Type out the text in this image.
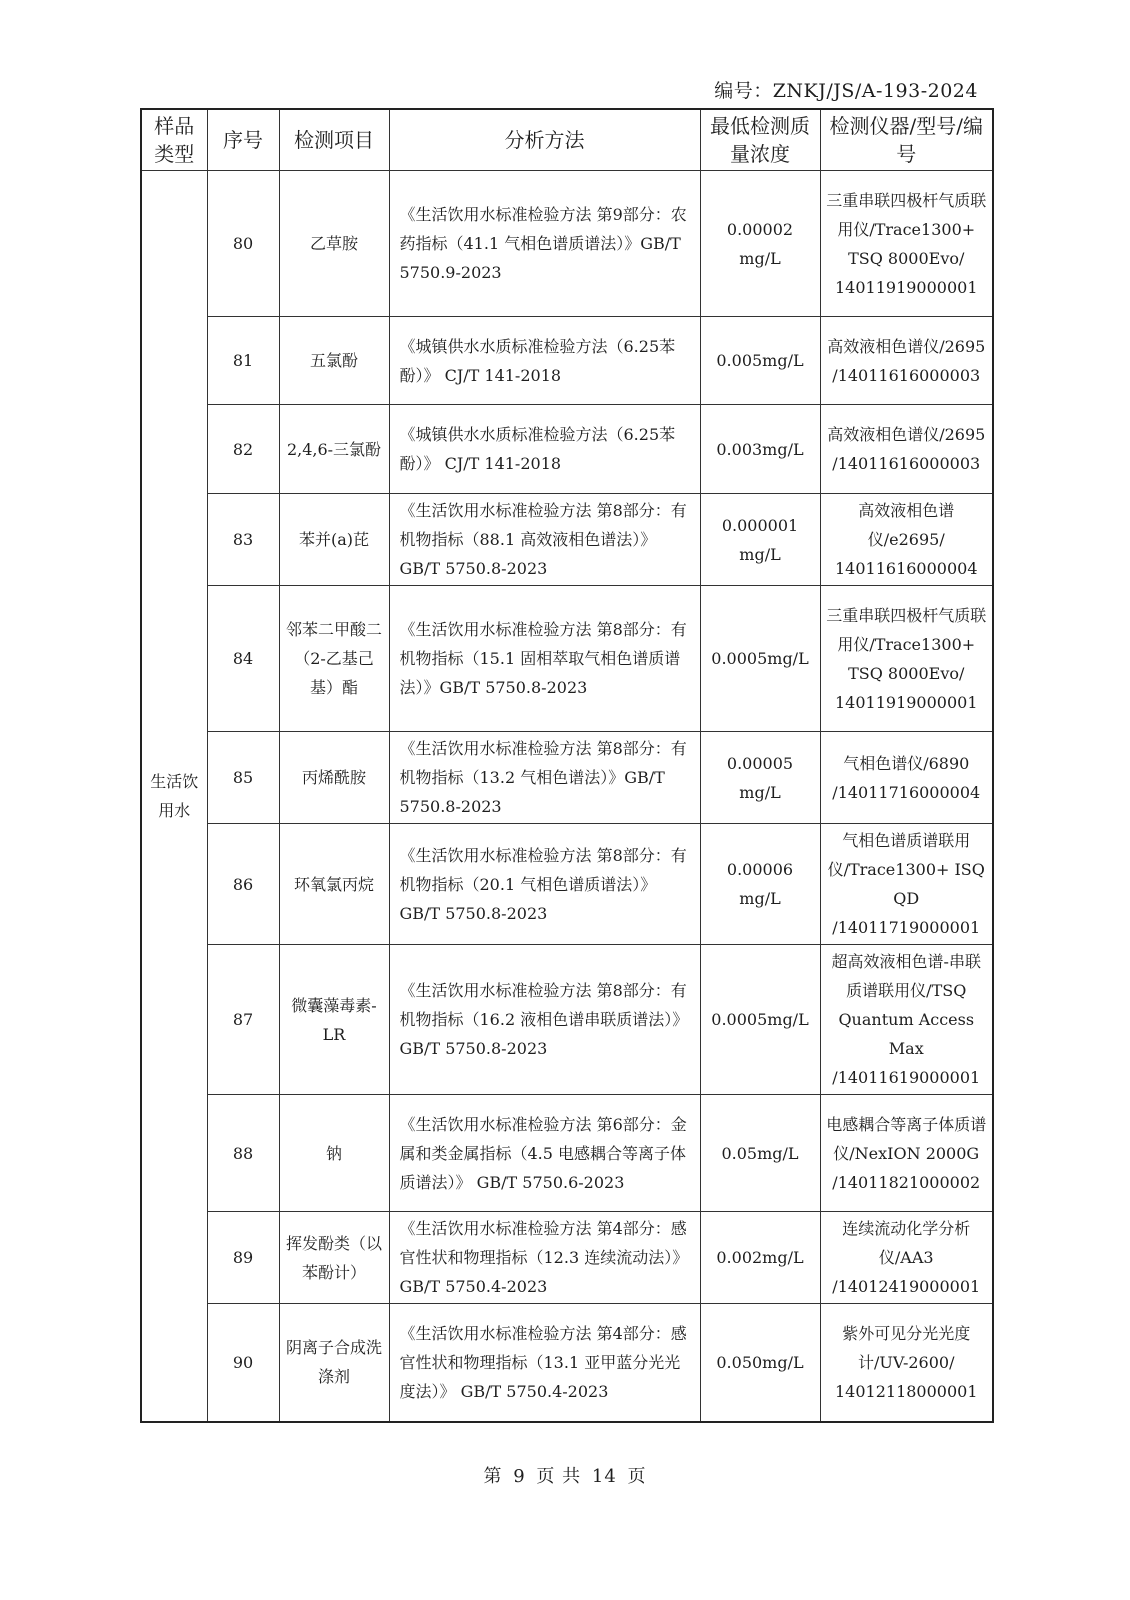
编号：ZNKJ/JS/A-193-2024
样品类型	序号	检测项目	分析方法	最低检测质量浓度	检测仪器/型号/编号
生活饮用水	80	乙草胺	《生活饮用水标准检验方法 第9部分：农药指标（41.1 气相色谱质谱法）》GB/T 5750.9-2023	0.00002 mg/L	三重串联四极杆气质联用仪/Trace1300+ TSQ 8000Evo/ 14011919000001
	81	五氯酚	《城镇供水水质标准检验方法（6.25苯酚）》 CJ/T 141-2018	0.005mg/L	高效液相色谱仪/2695 /14011616000003
	82	2,4,6-三氯酚	《城镇供水水质标准检验方法（6.25苯酚）》 CJ/T 141-2018	0.003mg/L	高效液相色谱仪/2695 /14011616000003
	83	苯并(a)芘	《生活饮用水标准检验方法 第8部分：有机物指标（88.1 高效液相色谱法）》GB/T 5750.8-2023	0.000001 mg/L	高效液相色谱仪/e2695/ 14011616000004
	84	邻苯二甲酸二（2-乙基己基）酯	《生活饮用水标准检验方法 第8部分：有机物指标（15.1 固相萃取气相色谱质谱法）》GB/T 5750.8-2023	0.0005mg/L	三重串联四极杆气质联用仪/Trace1300+ TSQ 8000Evo/ 14011919000001
	85	丙烯酰胺	《生活饮用水标准检验方法 第8部分：有机物指标（13.2 气相色谱法）》GB/T 5750.8-2023	0.00005 mg/L	气相色谱仪/6890 /14011716000004
	86	环氧氯丙烷	《生活饮用水标准检验方法 第8部分：有机物指标（20.1 气相色谱质谱法）》GB/T 5750.8-2023	0.00006 mg/L	气相色谱质谱联用仪/Trace1300+ ISQ QD /14011719000001
	87	微囊藻毒素-LR	《生活饮用水标准检验方法 第8部分：有机物指标（16.2 液相色谱串联质谱法）》GB/T 5750.8-2023	0.0005mg/L	超高效液相色谱-串联质谱联用仪/TSQ Quantum Access Max /14011619000001
	88	钠	《生活饮用水标准检验方法 第6部分：金属和类金属指标（4.5 电感耦合等离子体质谱法）》 GB/T 5750.6-2023	0.05mg/L	电感耦合等离子体质谱仪/NexION 2000G /14011821000002
	89	挥发酚类（以苯酚计）	《生活饮用水标准检验方法 第4部分：感官性状和物理指标（12.3 连续流动法）》GB/T 5750.4-2023	0.002mg/L	连续流动化学分析仪/AA3 /14012419000001
	90	阴离子合成洗涤剂	《生活饮用水标准检验方法 第4部分：感官性状和物理指标（13.1 亚甲蓝分光光度法）》 GB/T 5750.4-2023	0.050mg/L	紫外可见分光光度计/UV-2600/ 14012118000001
第 9 页 共 14 页
